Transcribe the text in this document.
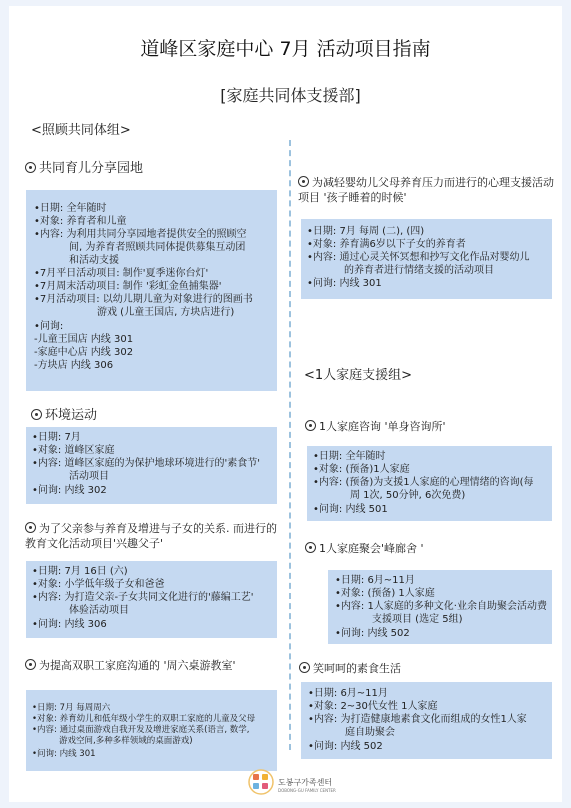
道峰区家庭中心 7月 活动项目指南
[家庭共同体支援部]
<照顾共同体组>
<1人家庭支援组>
共同育儿分享园地
•日期: 全年随时
•对象: 养育者和儿童
•内容: 为利用共同分享园地者提供安全的照顾空
间, 为养育者照顾共同体提供募集互动团
和活动支援
•7月平日活动项目: 制作'夏季迷你台灯'
•7月周末活动项目: 制作 '彩虹金鱼捕集器'
•7月活动项目: 以幼儿期儿童为对象进行的图画书
游戏 (儿童王国店, 方块店进行)
•问询:
-儿童王国店 内线 301
-家庭中心店 内线 302
-方块店 内线 306
环境运动
•日期: 7月
•对象: 道峰区家庭
•内容: 道峰区家庭的为保护地球环境进行的'素食节'
活动项目
•问询: 内线 302
为了父亲参与养育及增进与子女的关系. 而进行的教育文化活动项目'兴趣父子'
•日期: 7月 16日 (六)
•对象: 小学低年级子女和爸爸
•内容: 为打造父亲-子女共同文化进行的'藤编工艺'
体验活动项目
•问询: 内线 306
为提高双职工家庭沟通的 '周六桌游教室'
•日期: 7月 每周周六
•对象: 养育幼儿和低年级小学生的双职工家庭的儿童及父母
•内容: 通过桌面游戏自我开发及增进家庭关系(语言, 数学,
游戏空间,多种多样领域的桌面游戏)
•问询: 内线 301
为减轻婴幼儿父母养育压力而进行的心理支援活动项目 '孩子睡着的时候'
•日期: 7月 每周 (二), (四)
•对象: 养育满6岁以下子女的养育者
•内容: 通过心灵关怀冥想和抄写文化作品对婴幼儿
的养育者进行情绪支援的活动项目
•问询: 内线 301
1人家庭咨询 '单身咨询所'
•日期: 全年随时
•对象: (预备)1人家庭
•内容: (预备)为支援1人家庭的心理情绪的咨询(每
周 1次, 50分钟, 6次免费)
•问询: 内线 501
1人家庭聚会'峰廊舍 '
•日期: 6月~11月
•对象: (预备) 1人家庭
•内容: 1人家庭的多种文化·业余自助聚会活动费
支援项目 (选定 5组)
•问询: 内线 502
笑呵呵的素食生活
•日期: 6月~11月
•对象: 2~30代女性 1人家庭
•内容: 为打造健康地素食文化而组成的女性1人家
庭自助聚会
•问询: 内线 502
도봉구가족센터
DOBONG-GU FAMILY CENTER
